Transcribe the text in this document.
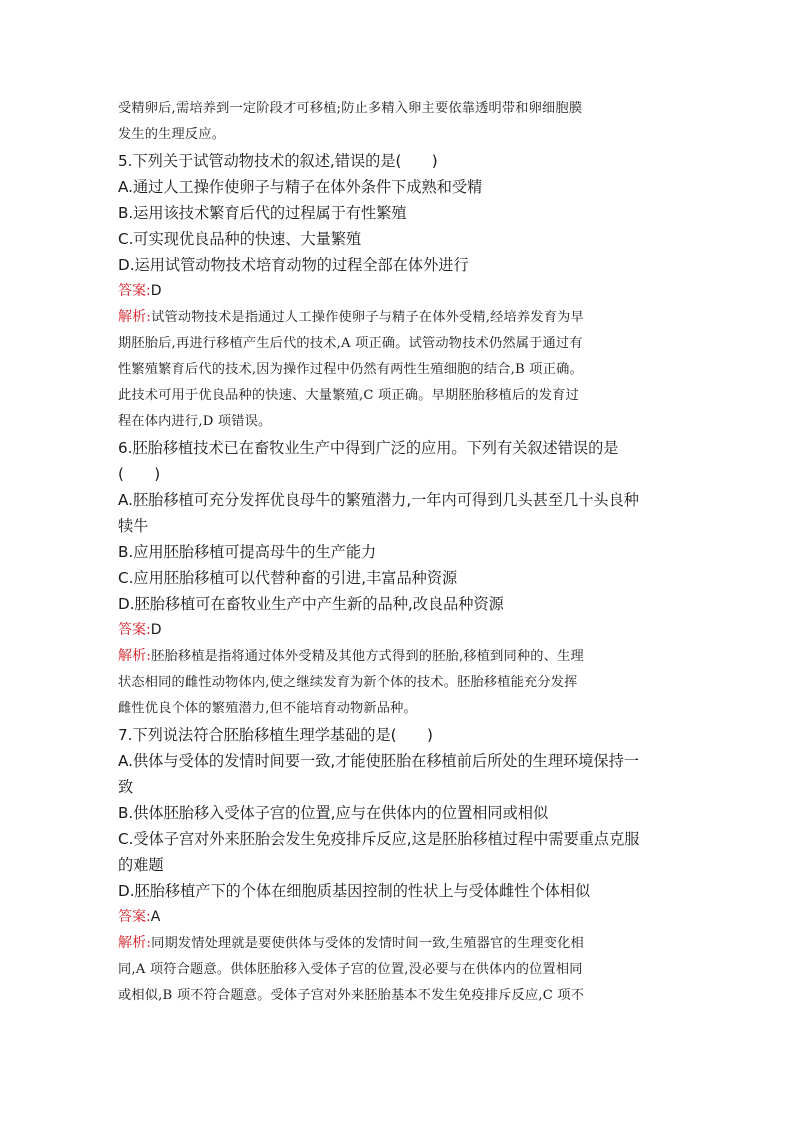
受精卵后,需培养到一定阶段才可移植;防止多精入卵主要依靠透明带和卵细胞膜
发生的生理反应。
5.下列关于试管动物技术的叙述,错误的是(　　)
A.通过人工操作使卵子与精子在体外条件下成熟和受精
B.运用该技术繁育后代的过程属于有性繁殖
C.可实现优良品种的快速、大量繁殖
D.运用试管动物技术培育动物的过程全部在体外进行
答案:D
解析:试管动物技术是指通过人工操作使卵子与精子在体外受精,经培养发育为早
期胚胎后,再进行移植产生后代的技术,A 项正确。试管动物技术仍然属于通过有
性繁殖繁育后代的技术,因为操作过程中仍然有两性生殖细胞的结合,B 项正确。
此技术可用于优良品种的快速、大量繁殖,C 项正确。早期胚胎移植后的发育过
程在体内进行,D 项错误。
6.胚胎移植技术已在畜牧业生产中得到广泛的应用。下列有关叙述错误的是
(　　)
A.胚胎移植可充分发挥优良母牛的繁殖潜力,一年内可得到几头甚至几十头良种
犊牛
B.应用胚胎移植可提高母牛的生产能力
C.应用胚胎移植可以代替种畜的引进,丰富品种资源
D.胚胎移植可在畜牧业生产中产生新的品种,改良品种资源
答案:D
解析:胚胎移植是指将通过体外受精及其他方式得到的胚胎,移植到同种的、生理
状态相同的雌性动物体内,使之继续发育为新个体的技术。胚胎移植能充分发挥
雌性优良个体的繁殖潜力,但不能培育动物新品种。
7.下列说法符合胚胎移植生理学基础的是(　　)
A.供体与受体的发情时间要一致,才能使胚胎在移植前后所处的生理环境保持一
致
B.供体胚胎移入受体子宫的位置,应与在供体内的位置相同或相似
C.受体子宫对外来胚胎会发生免疫排斥反应,这是胚胎移植过程中需要重点克服
的难题
D.胚胎移植产下的个体在细胞质基因控制的性状上与受体雌性个体相似
答案:A
解析:同期发情处理就是要使供体与受体的发情时间一致,生殖器官的生理变化相
同,A 项符合题意。供体胚胎移入受体子宫的位置,没必要与在供体内的位置相同
或相似,B 项不符合题意。受体子宫对外来胚胎基本不发生免疫排斥反应,C 项不
